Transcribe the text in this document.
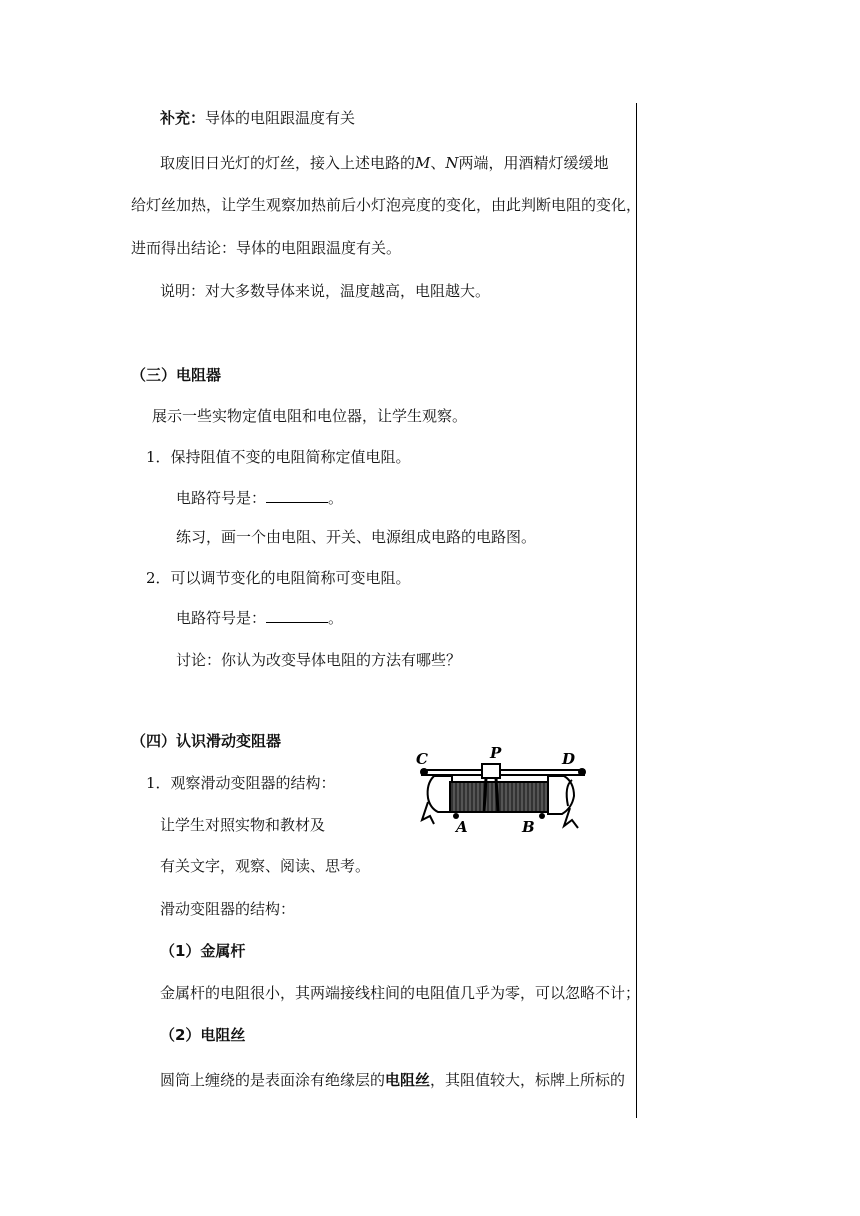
补充：导体的电阻跟温度有关
取废旧日光灯的灯丝，接入上述电路的M、N两端，用酒精灯缓缓地
给灯丝加热，让学生观察加热前后小灯泡亮度的变化，由此判断电阻的变化，
进而得出结论：导体的电阻跟温度有关。
说明：对大多数导体来说，温度越高，电阻越大。
（三）电阻器
展示一些实物定值电阻和电位器，让学生观察。
1．保持阻值不变的电阻简称定值电阻。
电路符号是：	。
练习，画一个由电阻、开关、电源组成电路的电路图。
2．可以调节变化的电阻简称可变电阻。
电路符号是：	。
讨论：你认为改变导体电阻的方法有哪些？
（四）认识滑动变阻器
1．观察滑动变阻器的结构：
让学生对照实物和教材及
有关文字，观察、阅读、思考。
滑动变阻器的结构：
（1）金属杆
金属杆的电阻很小，其两端接线柱间的电阻值几乎为零，可以忽略不计；
（2）电阻丝
圆筒上缠绕的是表面涂有绝缘层的电阻丝，其阻值较大，标牌上所标的
C	P	D
A	B
